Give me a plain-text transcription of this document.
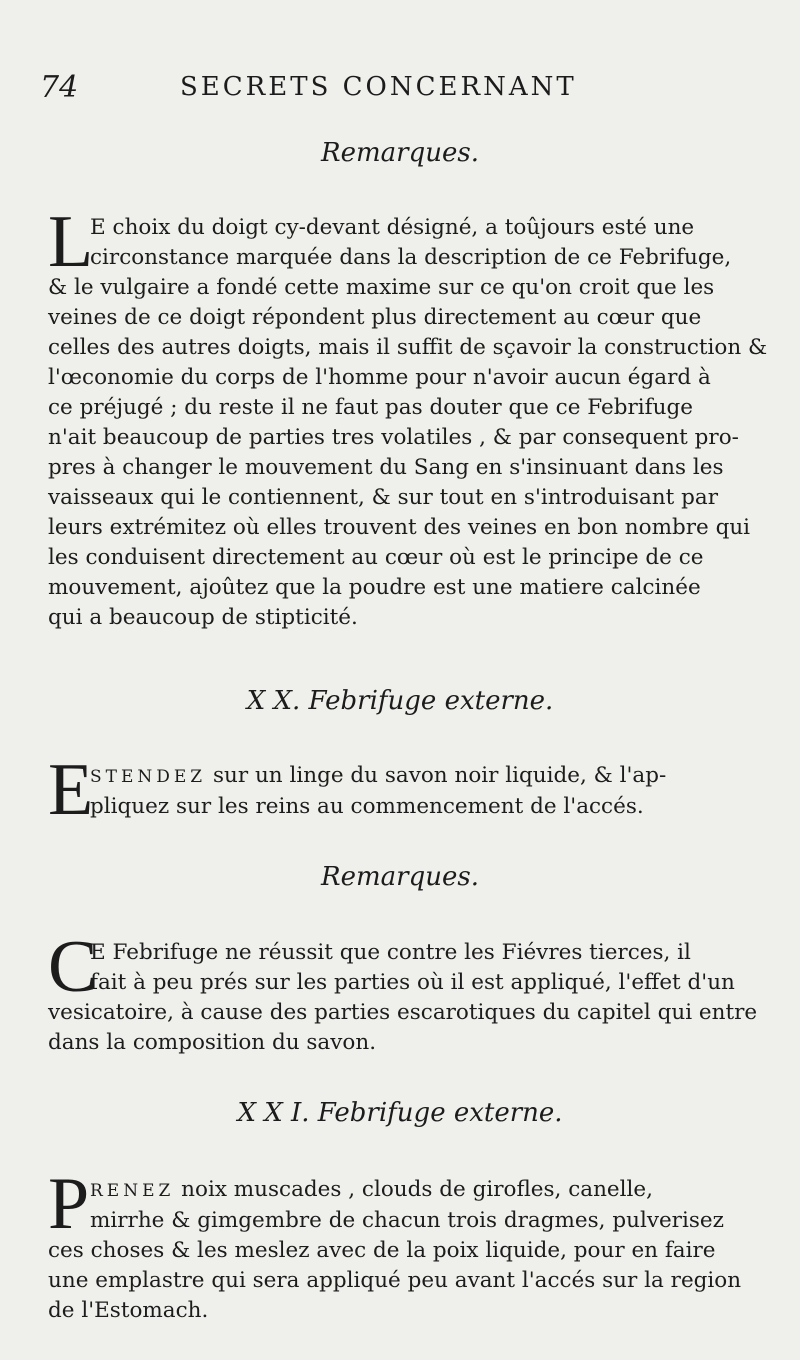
74	SECRETS CONCERNANT
Remarques.
L
E choix du doigt cy-devant désigné, a toûjours esté une
circonstance marquée dans la description de ce Febrifuge,
& le vulgaire a fondé cette maxime sur ce qu'on croit que les
veines de ce doigt répondent plus directement au cœur que
celles des autres doigts, mais il suffit de sçavoir la construction &
l'œconomie du corps de l'homme pour n'avoir aucun égard à
ce préjugé ; du reste il ne faut pas douter que ce Febrifuge
n'ait beaucoup de parties tres volatiles , & par consequent pro-
pres à changer le mouvement du Sang en s'insinuant dans les
vaisseaux qui le contiennent, & sur tout en s'introduisant par
leurs extrémitez où elles trouvent des veines en bon nombre qui
les conduisent directement au cœur où est le principe de ce
mouvement, ajoûtez que la poudre est une matiere calcinée
qui a beaucoup de stipticité.
X X. Febrifuge externe.
E
STENDEZ sur un linge du savon noir liquide, & l'ap-
pliquez sur les reins au commencement de l'accés.
Remarques.
C
E Febrifuge ne réussit que contre les Fiévres tierces, il
fait à peu prés sur les parties où il est appliqué, l'effet d'un
vesicatoire, à cause des parties escarotiques du capitel qui entre
dans la composition du savon.
X X I. Febrifuge externe.
P RENEZ noix muscades , clouds de girofles, canelle,
mirrhe & gimgembre de chacun trois dragmes, pulverisez
ces choses & les meslez avec de la poix liquide, pour en faire
une emplastre qui sera appliqué peu avant l'accés sur la region
de l'Estomach.
